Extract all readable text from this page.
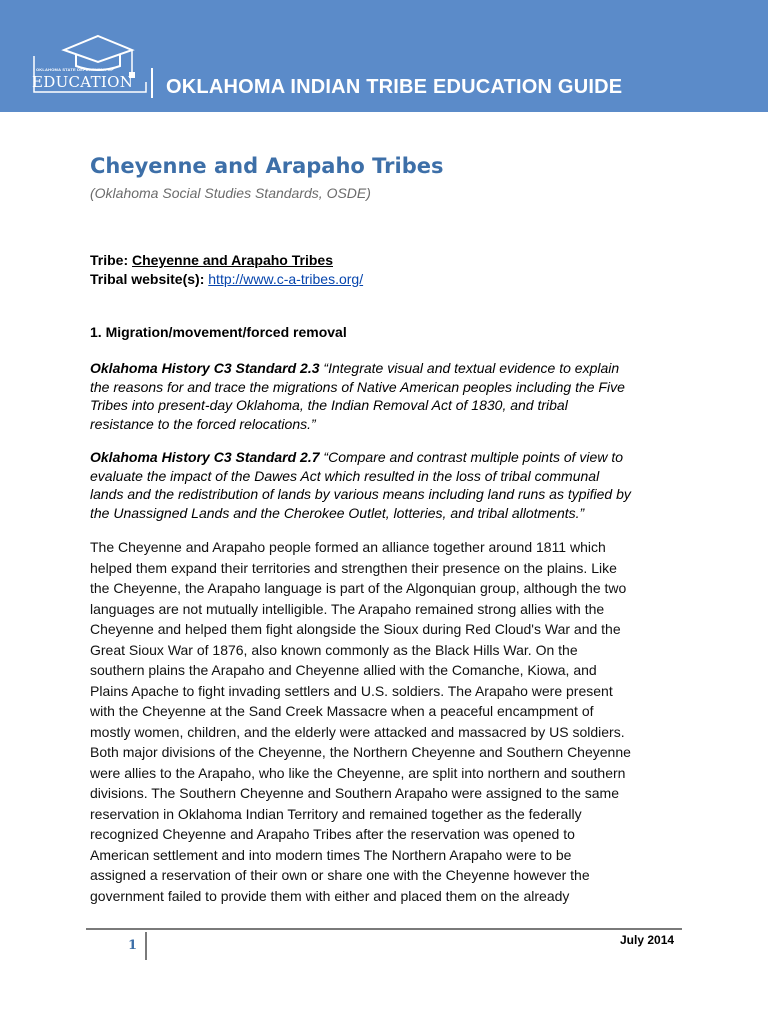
OKLAHOMA STATE DEPARTMENT OF
EDUCATION OKLAHOMA INDIAN TRIBE EDUCATION GUIDE
Cheyenne and Arapaho Tribes
(Oklahoma Social Studies Standards, OSDE)
Tribe: Cheyenne and Arapaho Tribes
Tribal website(s): http://www.c-a-tribes.org/
1. Migration/movement/forced removal
Oklahoma History C3 Standard 2.3 “Integrate visual and textual evidence to explain
the reasons for and trace the migrations of Native American peoples including the Five
Tribes into present-day Oklahoma, the Indian Removal Act of 1830, and tribal
resistance to the forced relocations.”
Oklahoma History C3 Standard 2.7 “Compare and contrast multiple points of view to
evaluate the impact of the Dawes Act which resulted in the loss of tribal communal
lands and the redistribution of lands by various means including land runs as typified by
the Unassigned Lands and the Cherokee Outlet, lotteries, and tribal allotments.”
The Cheyenne and Arapaho people formed an alliance together around 1811 which
helped them expand their territories and strengthen their presence on the plains. Like
the Cheyenne, the Arapaho language is part of the Algonquian group, although the two
languages are not mutually intelligible. The Arapaho remained strong allies with the
Cheyenne and helped them fight alongside the Sioux during Red Cloud's War and the
Great Sioux War of 1876, also known commonly as the Black Hills War. On the
southern plains the Arapaho and Cheyenne allied with the Comanche, Kiowa, and
Plains Apache to fight invading settlers and U.S. soldiers. The Arapaho were present
with the Cheyenne at the Sand Creek Massacre when a peaceful encampment of
mostly women, children, and the elderly were attacked and massacred by US soldiers.
Both major divisions of the Cheyenne, the Northern Cheyenne and Southern Cheyenne
were allies to the Arapaho, who like the Cheyenne, are split into northern and southern
divisions. The Southern Cheyenne and Southern Arapaho were assigned to the same
reservation in Oklahoma Indian Territory and remained together as the federally
recognized Cheyenne and Arapaho Tribes after the reservation was opened to
American settlement and into modern times The Northern Arapaho were to be
assigned a reservation of their own or share one with the Cheyenne however the
government failed to provide them with either and placed them on the already
1	July 2014
